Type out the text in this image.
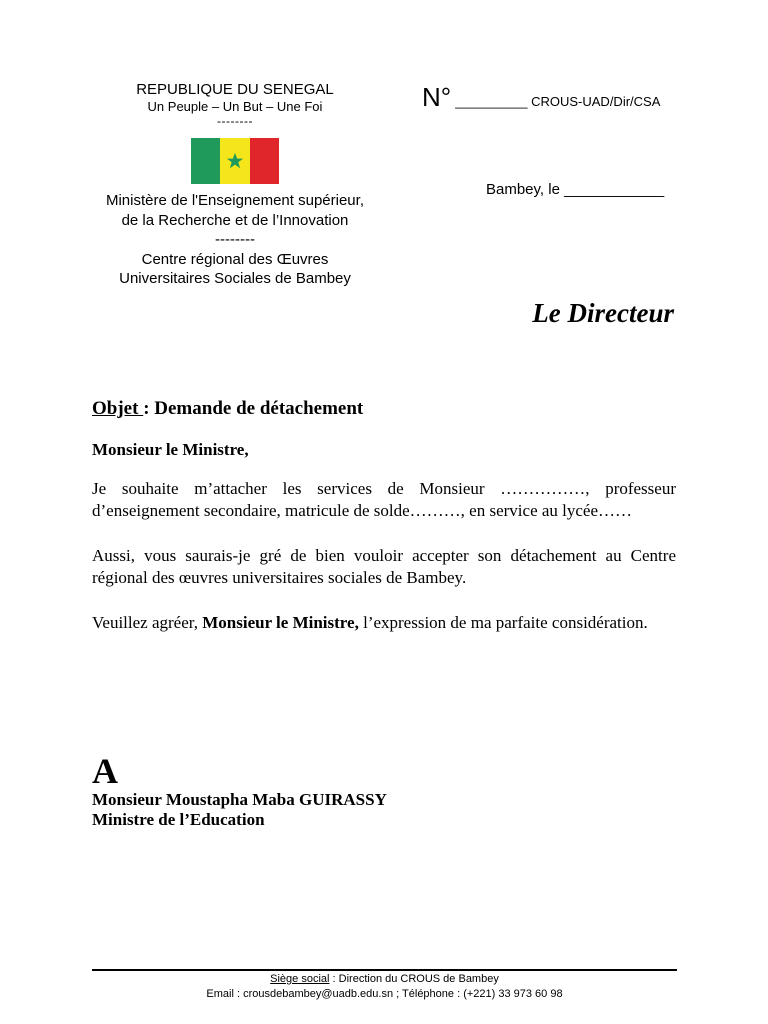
REPUBLIQUE DU SENEGAL
Un Peuple – Un But – Une Foi
--------
Ministère de l'Enseignement supérieur,
de la Recherche et de l’Innovation
--------
Centre régional des Œuvres
Universitaires Sociales de Bambey
N° __________ CROUS-UAD/Dir/CSA
Bambey, le ____________
Le Directeur
Objet : Demande de détachement
Monsieur le Ministre,
Je souhaite m’attacher les services de Monsieur ……………, professeur d’enseignement secondaire, matricule de solde………, en service au lycée……
Aussi, vous saurais-je gré de bien vouloir accepter son détachement au Centre régional des œuvres universitaires sociales de Bambey.
Veuillez agréer, Monsieur le Ministre, l’expression de ma parfaite considération.
A
Monsieur Moustapha Maba GUIRASSY
Ministre de l’Education
Siège social : Direction du CROUS de Bambey
Email : crousdebambey@uadb.edu.sn ; Téléphone : (+221) 33 973 60 98
